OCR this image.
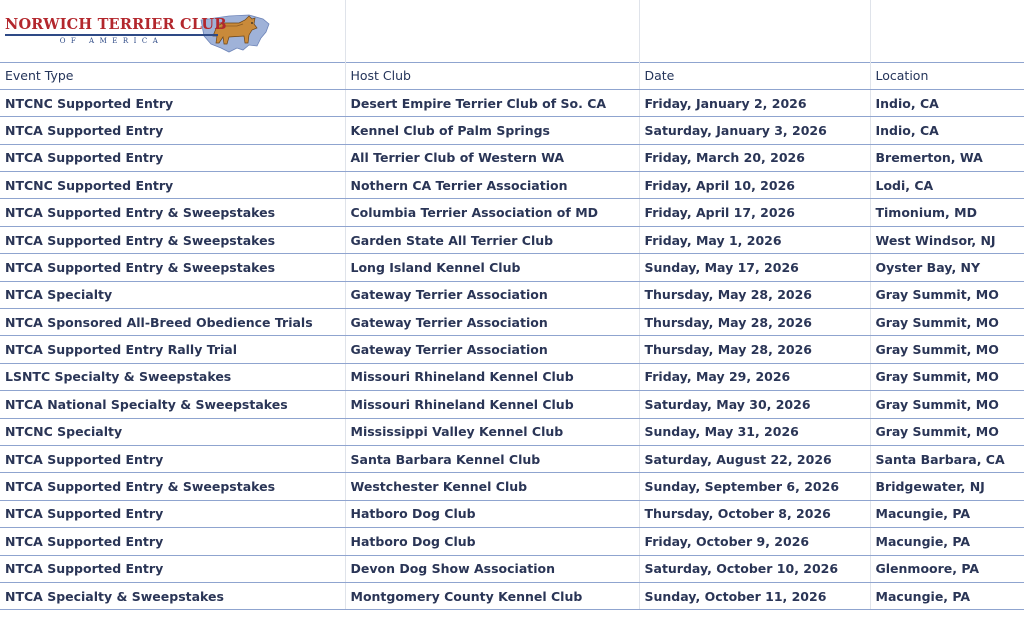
NORWICH TERRIER CLUB
OF AMERICA
Event Type	Host Club	Date	Location
NTCNC Supported Entry	Desert Empire Terrier Club of So. CA	Friday, January 2, 2026	Indio, CA
NTCA Supported Entry	Kennel Club of Palm Springs	Saturday, January 3, 2026	Indio, CA
NTCA Supported Entry	All Terrier Club of Western WA	Friday, March 20, 2026	Bremerton, WA
NTCNC Supported Entry	Nothern CA Terrier Association	Friday, April 10, 2026	Lodi, CA
NTCA Supported Entry & Sweepstakes	Columbia Terrier Association of MD	Friday, April 17, 2026	Timonium, MD
NTCA Supported Entry & Sweepstakes	Garden State All Terrier Club	Friday, May 1, 2026	West Windsor, NJ
NTCA Supported Entry & Sweepstakes	Long Island Kennel Club	Sunday, May 17, 2026	Oyster Bay, NY
NTCA Specialty	Gateway Terrier Association	Thursday, May 28, 2026	Gray Summit, MO
NTCA Sponsored All-Breed Obedience Trials	Gateway Terrier Association	Thursday, May 28, 2026	Gray Summit, MO
NTCA Supported Entry Rally Trial	Gateway Terrier Association	Thursday, May 28, 2026	Gray Summit, MO
LSNTC Specialty & Sweepstakes	Missouri Rhineland Kennel Club	Friday, May 29, 2026	Gray Summit, MO
NTCA National Specialty & Sweepstakes	Missouri Rhineland Kennel Club	Saturday, May 30, 2026	Gray Summit, MO
NTCNC Specialty	Mississippi Valley Kennel Club	Sunday, May 31, 2026	Gray Summit, MO
NTCA Supported Entry	Santa Barbara Kennel Club	Saturday, August 22, 2026	Santa Barbara, CA
NTCA Supported Entry & Sweepstakes	Westchester Kennel Club	Sunday, September 6, 2026	Bridgewater, NJ
NTCA Supported Entry	Hatboro Dog Club	Thursday, October 8, 2026	Macungie, PA
NTCA Supported Entry	Hatboro Dog Club	Friday, October 9, 2026	Macungie, PA
NTCA Supported Entry	Devon Dog Show Association	Saturday, October 10, 2026	Glenmoore, PA
NTCA Specialty & Sweepstakes	Montgomery County Kennel Club	Sunday, October 11, 2026	Macungie, PA
